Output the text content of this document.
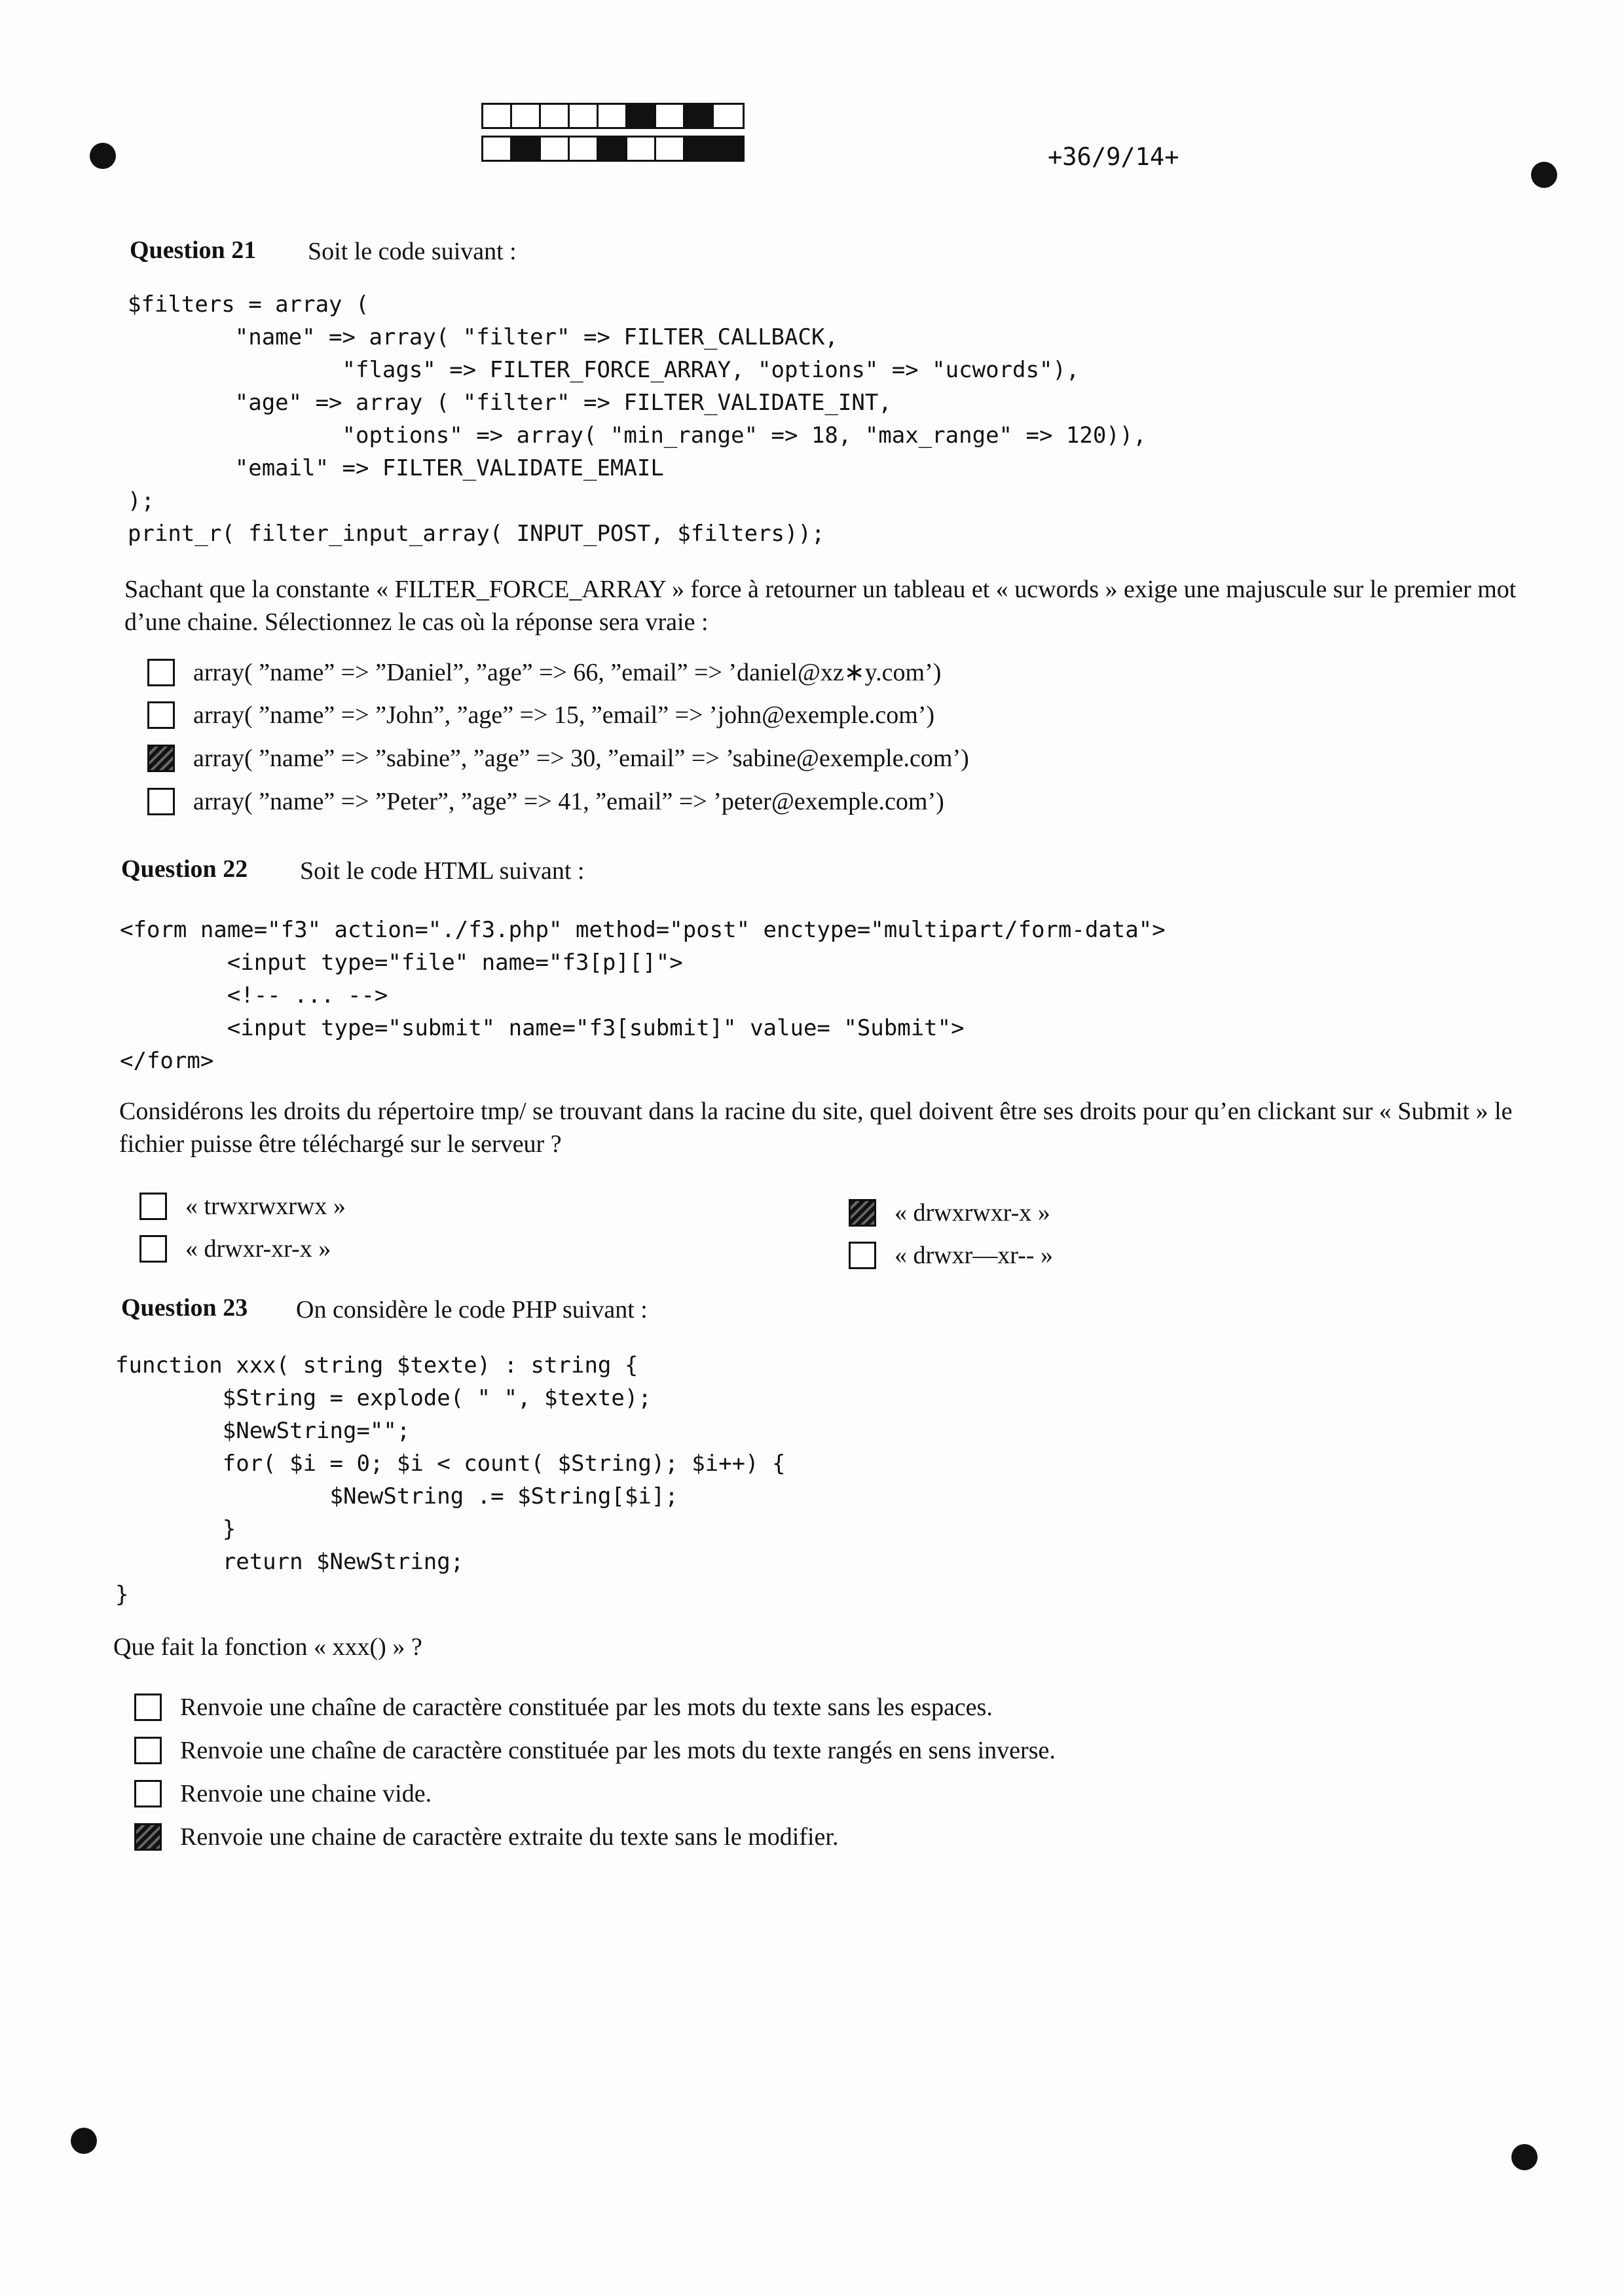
+36/9/14+
Question 21 Soit le code suivant :
$filters = array (
"name" => array( "filter" => FILTER_CALLBACK,
"flags" => FILTER_FORCE_ARRAY, "options" => "ucwords"),
"age" => array ( "filter" => FILTER_VALIDATE_INT,
"options" => array( "min_range" => 18, "max_range" => 120)),
"email" => FILTER_VALIDATE_EMAIL
);
print_r( filter_input_array( INPUT_POST, $filters));
Sachant que la constante « FILTER_FORCE_ARRAY » force à retourner un tableau et « ucwords » exige une majuscule sur le premier mot d’une chaine. Sélectionnez le cas où la réponse sera vraie :
array( ”name” => ”Daniel”, ”age” => 66, ”email” => ’daniel@xz∗y.com’)
array( ”name” => ”John”, ”age” => 15, ”email” => ’john@exemple.com’)
array( ”name” => ”sabine”, ”age” => 30, ”email” => ’sabine@exemple.com’)
array( ”name” => ”Peter”, ”age” => 41, ”email” => ’peter@exemple.com’)
Question 22 Soit le code HTML suivant :
<form name="f3" action="./f3.php" method="post" enctype="multipart/form-data">
<input type="file" name="f3[p][]">
<!-- ... -->
<input type="submit" name="f3[submit]" value= "Submit">
</form>
Considérons les droits du répertoire tmp/ se trouvant dans la racine du site, quel doivent être ses droits pour qu’en clickant sur « Submit » le fichier puisse être téléchargé sur le serveur ?
« trwxrwxrwx »
« drwxr-xr-x »
« drwxrwxr-x »
« drwxr—xr-- »
Question 23 On considère le code PHP suivant :
function xxx( string $texte) : string {
$String = explode( " ", $texte);
$NewString="";
for( $i = 0; $i < count( $String); $i++) {
$NewString .= $String[$i];
}
return $NewString;
}
Que fait la fonction « xxx() » ?
Renvoie une chaîne de caractère constituée par les mots du texte sans les espaces.
Renvoie une chaîne de caractère constituée par les mots du texte rangés en sens inverse.
Renvoie une chaine vide.
Renvoie une chaine de caractère extraite du texte sans le modifier.
